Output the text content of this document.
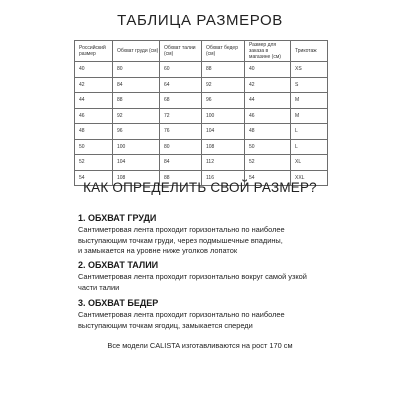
ТАБЛИЦА РАЗМЕРОВ
Российский размер	Обхват груди (см)	Обхват талии (см)	Обхват бедер (см)	Размер для заказа в магазине (см)	Трикотаж
40	80	60	88	40	XS
42	84	64	92	42	S
44	88	68	96	44	M
46	92	72	100	46	M
48	96	76	104	48	L
50	100	80	108	50	L
52	104	84	112	52	XL
54	108	88	116	54	XXL
КАК ОПРЕДЕЛИТЬ СВОЙ РАЗМЕР?
1. ОБХВАТ ГРУДИ
Сантиметровая лента проходит горизонтально по наиболее
выступающим точкам груди, через подмышечные впадины,
и замыкается на уровне ниже уголков лопаток
2. ОБХВАТ ТАЛИИ
Сантиметровая лента проходит горизонтально вокруг самой узкой
части талии
3. ОБХВАТ БЕДЕР
Сантиметровая лента проходит горизонтально по наиболее
выступающим точкам ягодиц, замыкается спереди
Все модели CALISTA изготавливаются на рост 170 см
